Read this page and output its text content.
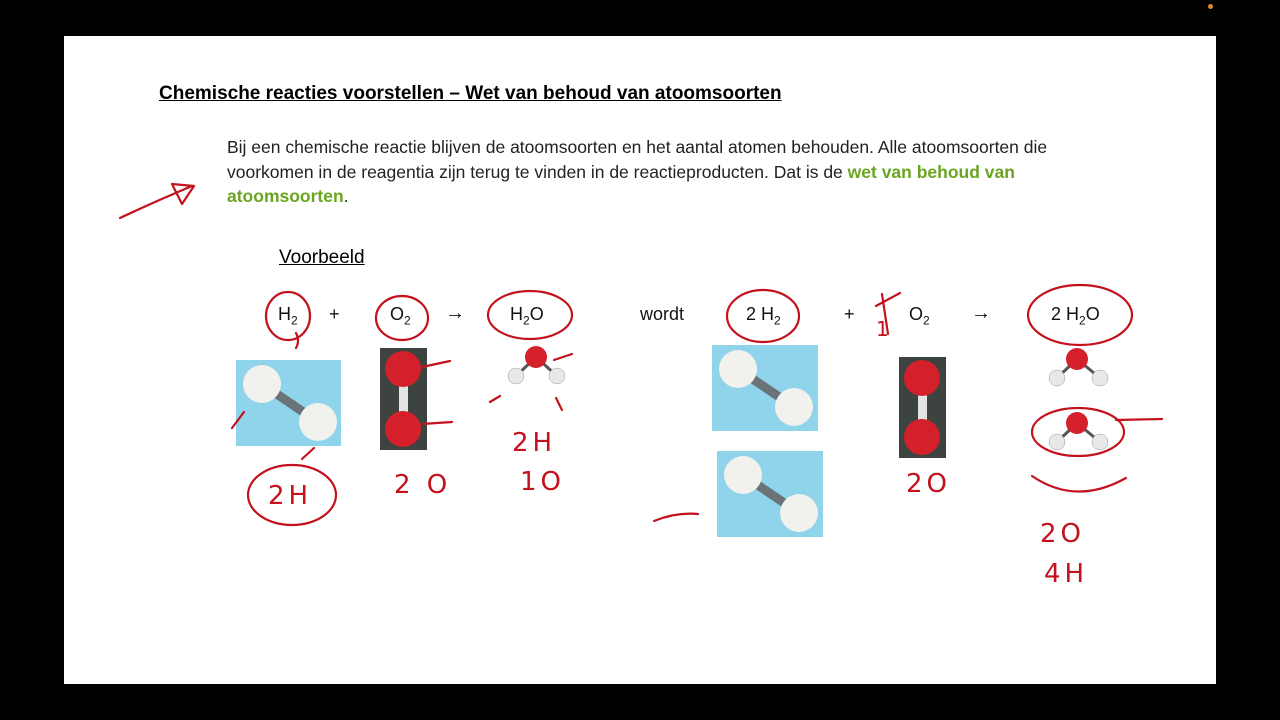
Chemische reacties voorstellen – Wet van behoud van atoomsoorten
Bij een chemische reactie blijven de atoomsoorten en het aantal atomen behouden. Alle atoomsoorten die voorkomen in de reagentia zijn terug te vinden in de reactieproducten. Dat is de wet van behoud van atoomsoorten.
Voorbeeld
$H_2$ +	$O_2$ →	$H_2O$	wordt	2 $H_2$	+	$O_2$ →	2 $H_2O$
2H	2 O
2H
1O	2O
2O
4H
1
